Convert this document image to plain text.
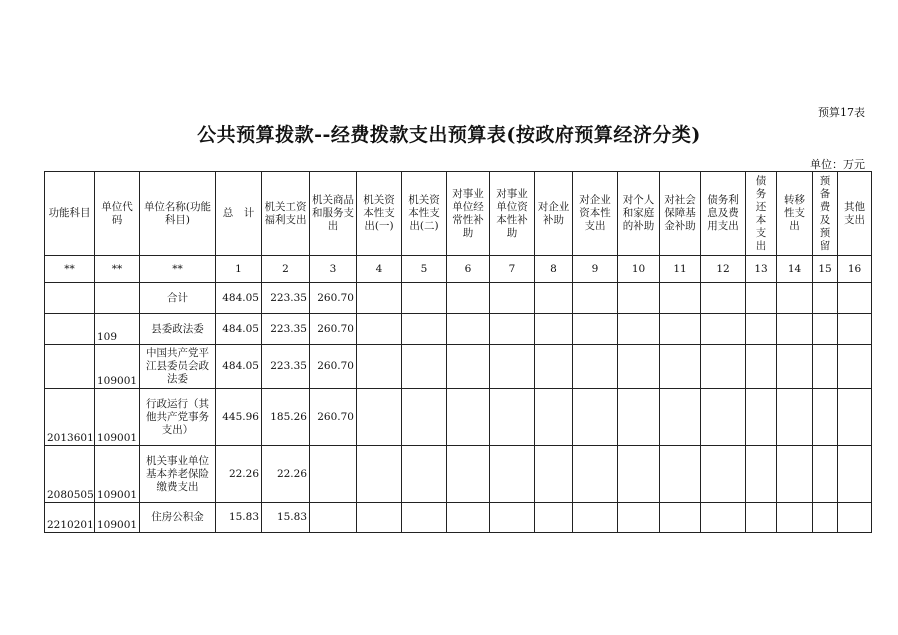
预算17表
公共预算拨款--经费拨款支出预算表(按政府预算经济分类)
单位：万元
功能科目	单位代码	单位名称(功能科目)	总　计	机关工资福利支出	机关商品和服务支出	机关资本性支出(一)	机关资本性支出(二)	对事业单位经常性补助	对事业单位资本性补助	对企业补助	对企业资本性支出	对个人和家庭的补助	对社会保障基金补助	债务利息及费用支出	债务还本支出	转移性支出	预备费及预留	其他支出
**	**	**	1	2	3	4	5	6	7	8	9	10	11	12	13	14	15	16
		合计	484.05	223.35	260.70													
	109	县委政法委	484.05	223.35	260.70													
	109001	中国共产党平江县委员会政法委	484.05	223.35	260.70													
2013601	109001	行政运行（其他共产党事务支出）	445.96	185.26	260.70													
2080505	109001	机关事业单位基本养老保险缴费支出	22.26	22.26														
2210201	109001	住房公积金	15.83	15.83														
